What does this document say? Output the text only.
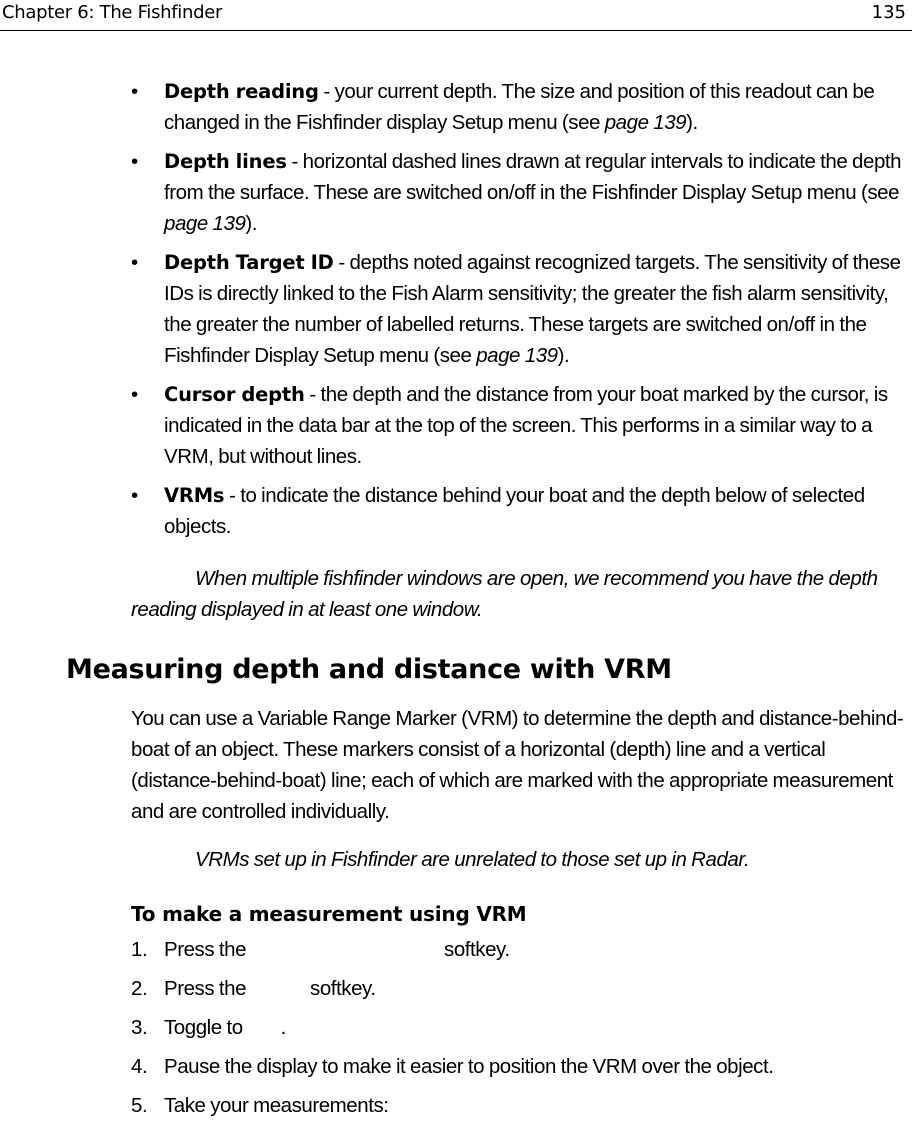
Chapter 6: The Fishfinder	135
• Depth reading - your current depth. The size and position of this readout can be changed in the Fishfinder display Setup menu (see page 139).
• Depth lines - horizontal dashed lines drawn at regular intervals to indicate the depth from the surface. These are switched on/off in the Fishfinder Display Setup menu (see page 139).
• Depth Target ID - depths noted against recognized targets. The sensitivity of these IDs is directly linked to the Fish Alarm sensitivity; the greater the fish alarm sensitivity, the greater the number of labelled returns. These targets are switched on/off in the Fishfinder Display Setup menu (see page 139).
• Cursor depth - the depth and the distance from your boat marked by the cursor, is indicated in the data bar at the top of the screen. This performs in a similar way to a VRM, but without lines.
• VRMs - to indicate the distance behind your boat and the depth below of selected objects.
When multiple fishfinder windows are open, we recommend you have the depth reading displayed in at least one window.
Measuring depth and distance with VRM
You can use a Variable Range Marker (VRM) to determine the depth and distance-behind-boat of an object. These markers consist of a horizontal (depth) line and a vertical (distance-behind-boat) line; each of which are marked with the appropriate measurement and are controlled individually.
VRMs set up in Fishfinder are unrelated to those set up in Radar.
To make a measurement using VRM
1. Press the	softkey.
2. Press the	softkey.
3. Toggle to .
4. Pause the display to make it easier to position the VRM over the object.
5. Take your measurements:
